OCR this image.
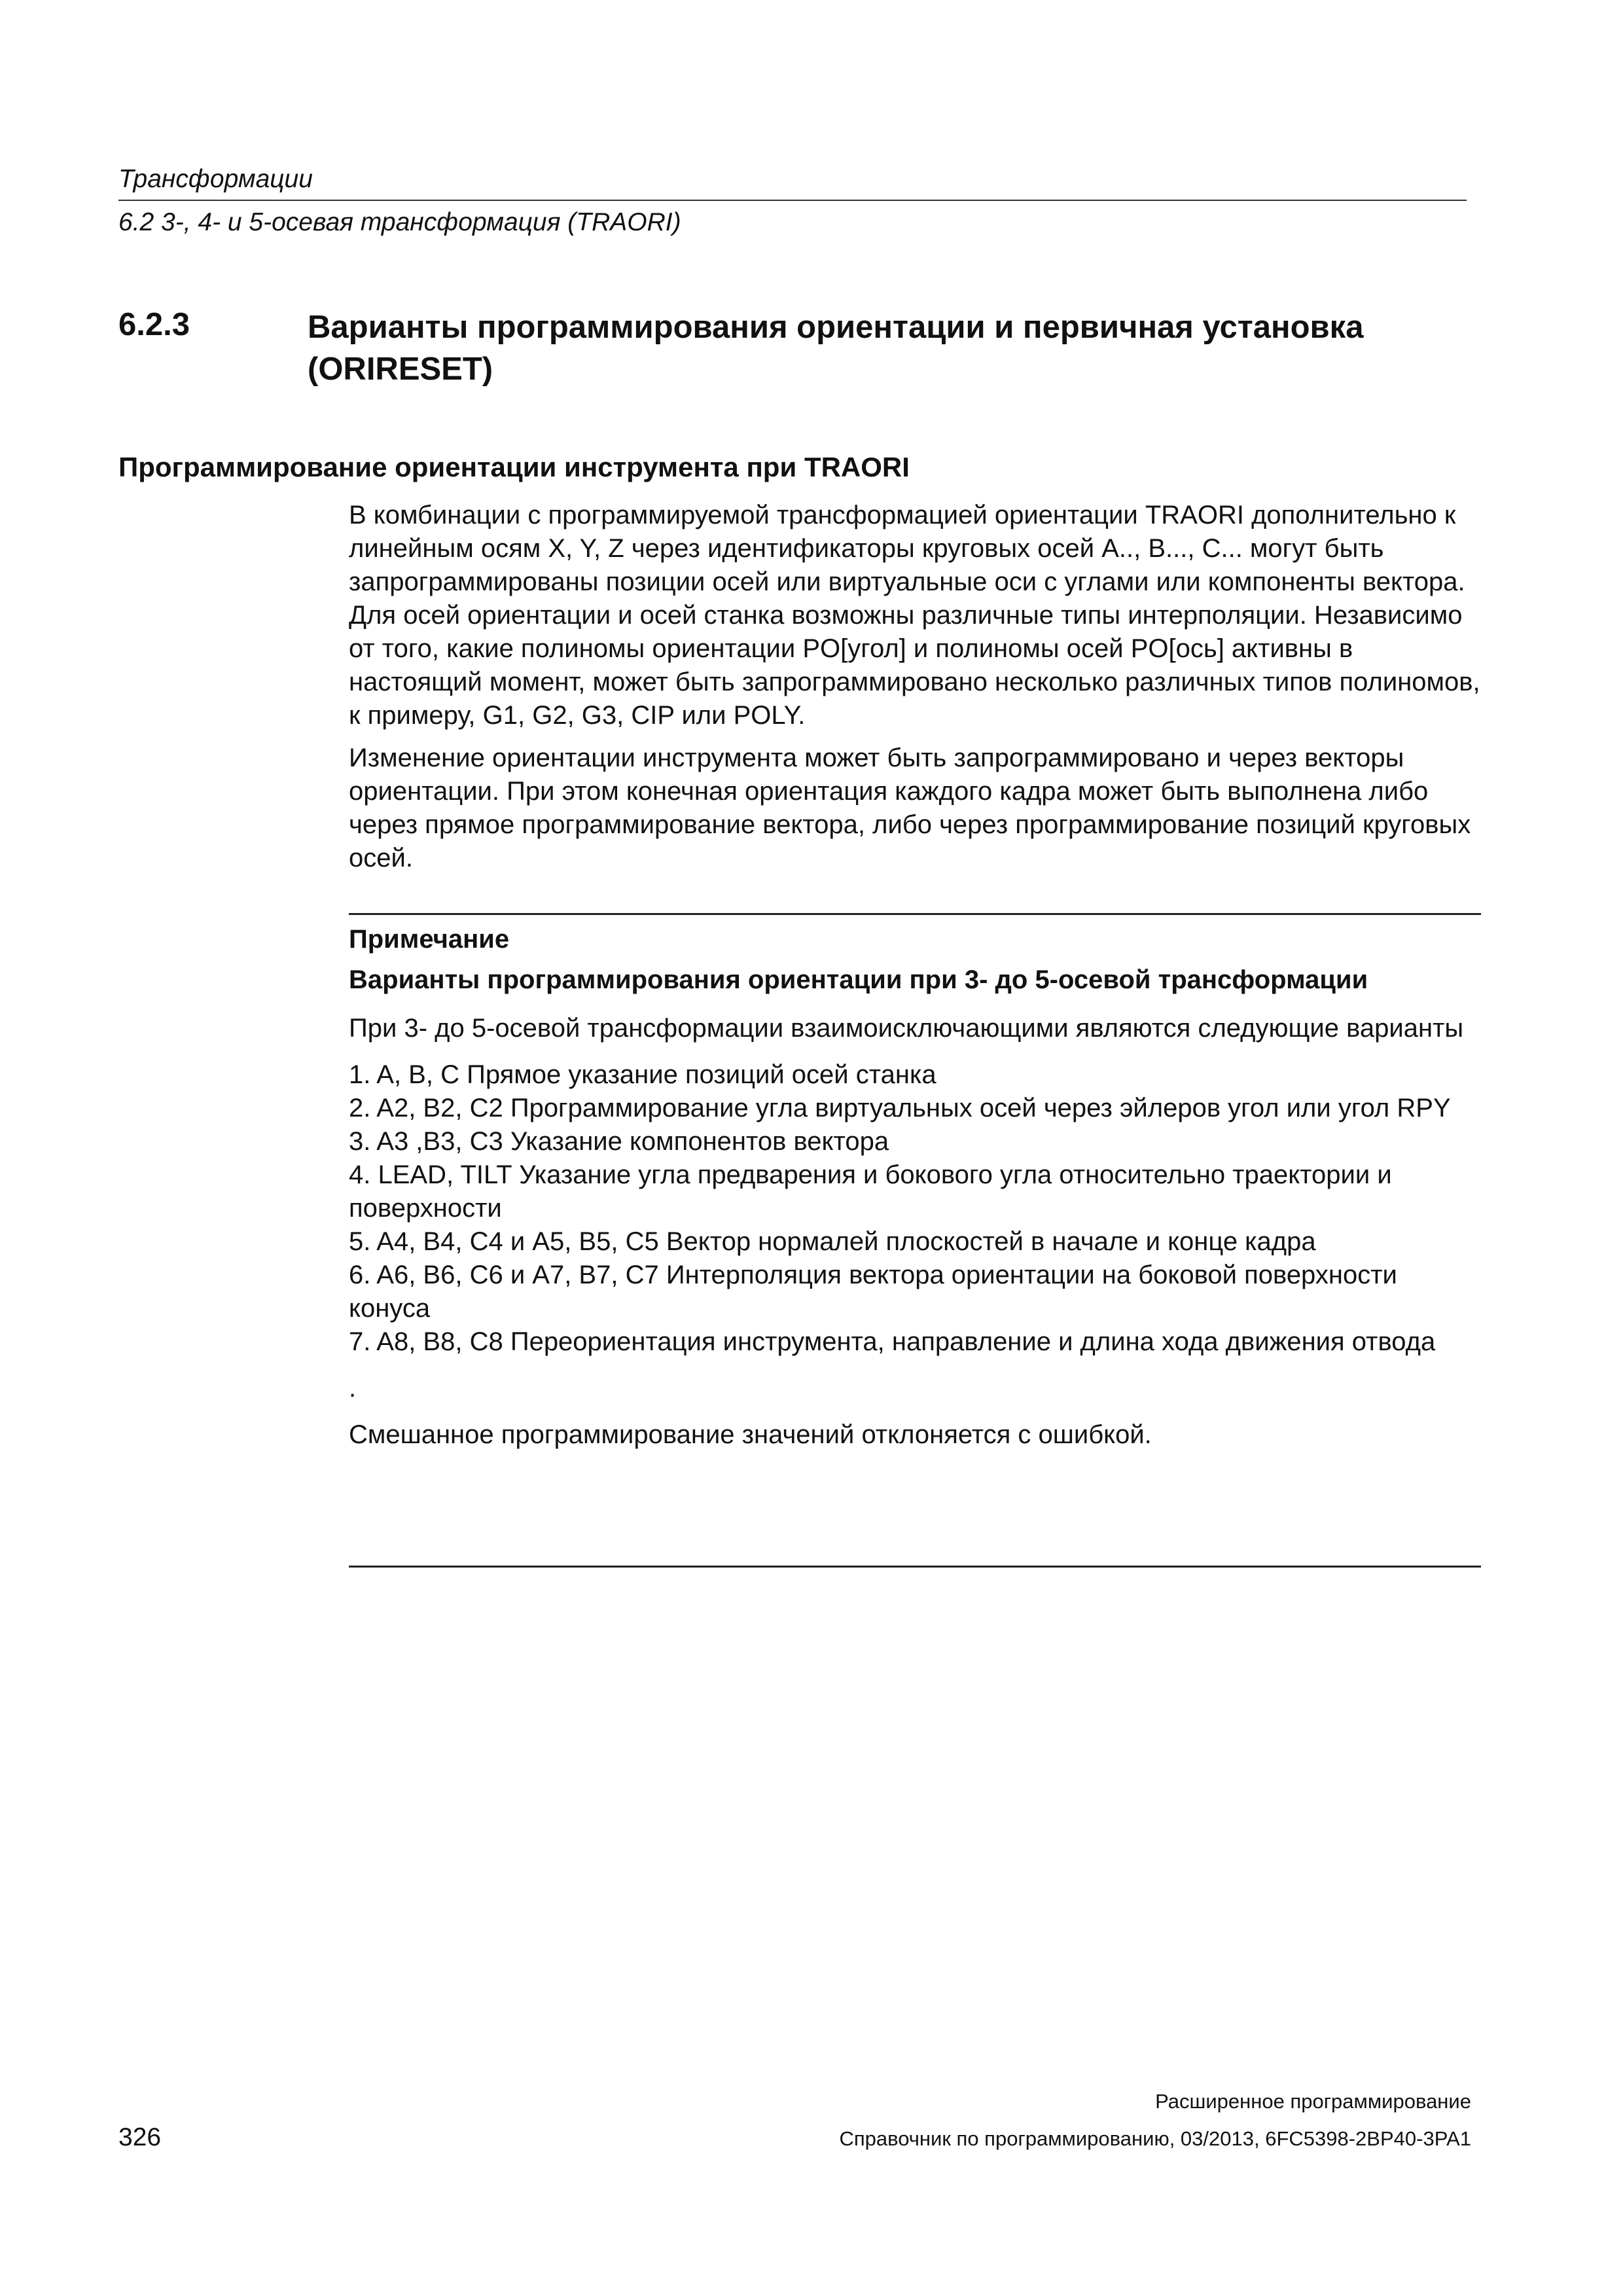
Трансформации
6.2 3-, 4- и 5-осевая трансформация (TRAORI)
6.2.3	Варианты программирования ориентации и первичная установка (ORIRESET)
Программирование ориентации инструмента при TRAORI

В комбинации с программируемой трансформацией ориентации TRAORI дополнительно к линейным осям X, Y, Z через идентификаторы круговых осей A.., B..., C... могут быть запрограммированы позиции осей или виртуальные оси с углами или компоненты вектора. Для осей ориентации и осей станка возможны различные типы интерполяции. Независимо от того, какие полиномы ориентации PO[угол] и полиномы осей PO[ось] активны в настоящий момент, может быть запрограммировано несколько различных типов полиномов, к примеру, G1, G2, G3, CIP или POLY.

Изменение ориентации инструмента может быть запрограммировано и через векторы ориентации. При этом конечная ориентация каждого кадра может быть выполнена либо через прямое программирование вектора, либо через программирование позиций круговых осей.

Примечание
Варианты программирования ориентации при 3- до 5-осевой трансформации

При 3- до 5-осевой трансформации взаимоисключающими являются следующие варианты

1. A, B, C Прямое указание позиций осей станка
2. A2, B2, C2 Программирование угла виртуальных осей через эйлеров угол или угол RPY
3. A3 ,B3, C3 Указание компонентов вектора
4. LEAD, TILT Указание угла предварения и бокового угла относительно траектории и поверхности
5. A4, B4, C4 и A5, B5, C5 Вектор нормалей плоскостей в начале и конце кадра
6. A6, B6, C6 и A7, B7, C7 Интерполяция вектора ориентации на боковой поверхности конуса
7. A8, B8, C8 Переориентация инструмента, направление и длина хода движения отвода

.

Смешанное программирование значений отклоняется с ошибкой.

Расширенное программирование
326	Справочник по программированию, 03/2013, 6FC5398-2BP40-3PA1
